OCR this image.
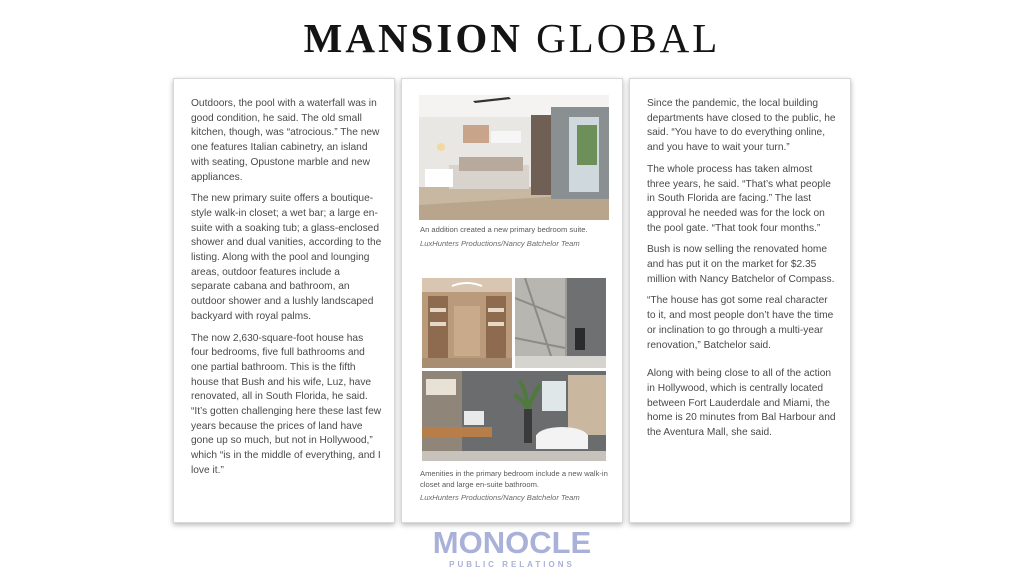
MANSION GLOBAL

Outdoors, the pool with a waterfall was in good condition, he said. The old small kitchen, though, was “atrocious.” The new one features Italian cabinetry, an island with seating, Opustone marble and new appliances.

The new primary suite offers a boutique-style walk-in closet; a wet bar; a large en-suite with a soaking tub; a glass-enclosed shower and dual vanities, according to the listing. Along with the pool and lounging areas, outdoor features include a separate cabana and bathroom, an outdoor shower and a lushly landscaped backyard with royal palms.

The now 2,630-square-foot house has four bedrooms, five full bathrooms and one partial bathroom. This is the fifth house that Bush and his wife, Luz, have renovated, all in South Florida, he said. “It’s gotten challenging here these last few years because the prices of land have gone up so much, but not in Hollywood,” which “is in the middle of everything, and I love it.”

An addition created a new primary bedroom suite.
LuxHunters Productions/Nancy Batchelor Team
Amenities in the primary bedroom include a new walk-in closet and large en-suite bathroom.
LuxHunters Productions/Nancy Batchelor Team

Since the pandemic, the local building departments have closed to the public, he said. “You have to do everything online, and you have to wait your turn.”

The whole process has taken almost three years, he said. “That’s what people in South Florida are facing.” The last approval he needed was for the lock on the pool gate. “That took four months.”

Bush is now selling the renovated home and has put it on the market for $2.35 million with Nancy Batchelor of Compass.

“The house has got some real character to it, and most people don’t have the time or inclination to go through a multi-year renovation,” Batchelor said.

Along with being close to all of the action in Hollywood, which is centrally located between Fort Lauderdale and Miami, the home is 20 minutes from Bal Harbour and the Aventura Mall, she said.

MONOCLE
PUBLIC RELATIONS
